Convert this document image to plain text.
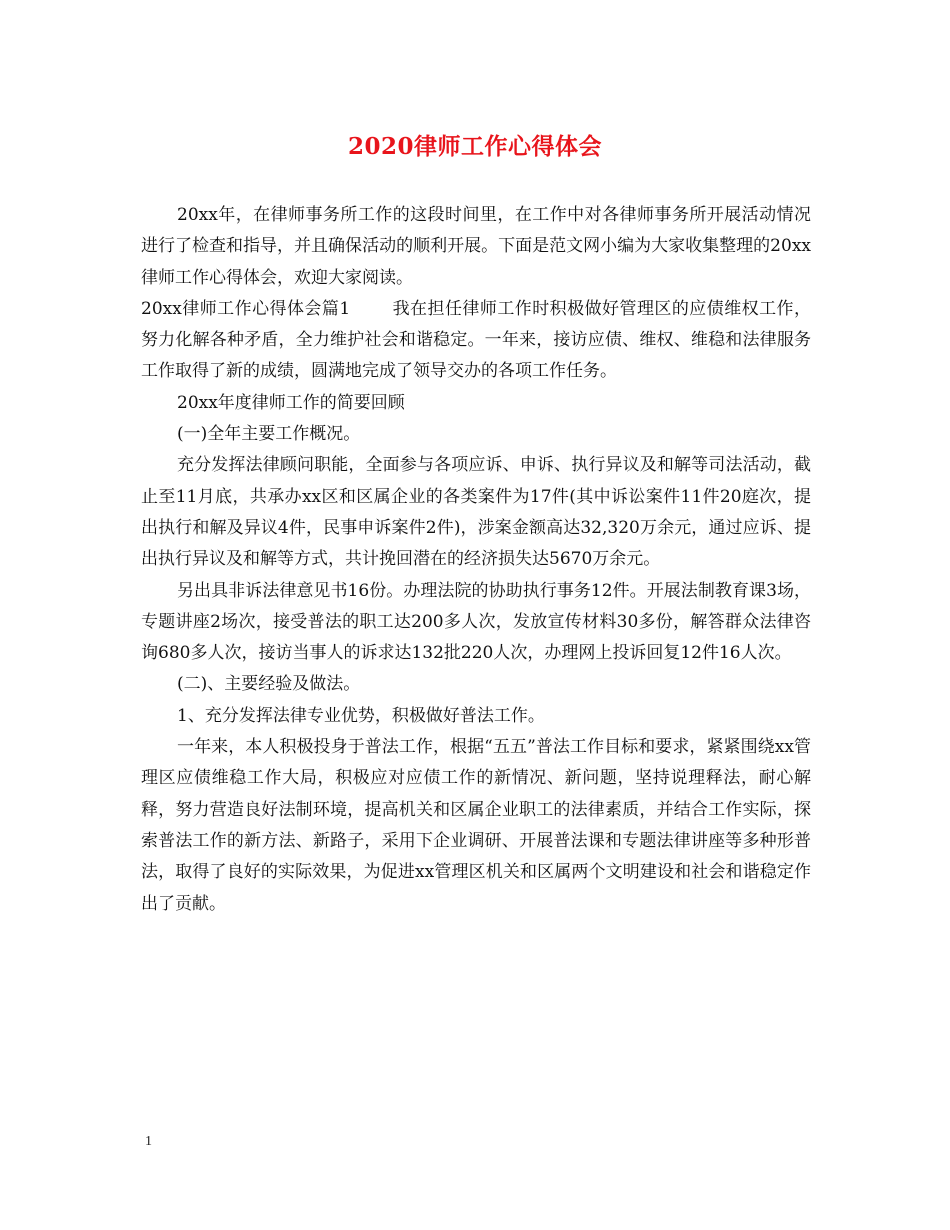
2020律师工作心得体会

20xx年，在律师事务所工作的这段时间里，在工作中对各律师事务所开展活动情况进行了检查和指导，并且确保活动的顺利开展。下面是范文网小编为大家收集整理的20xx律师工作心得体会，欢迎大家阅读。

20xx律师工作心得体会篇1 我在担任律师工作时积极做好管理区的应债维权工作，努力化解各种矛盾，全力维护社会和谐稳定。一年来，接访应债、维权、维稳和法律服务工作取得了新的成绩，圆满地完成了领导交办的各项工作任务。

20xx年度律师工作的简要回顾

(一)全年主要工作概况。

充分发挥法律顾问职能，全面参与各项应诉、申诉、执行异议及和解等司法活动，截止至11月底，共承办xx区和区属企业的各类案件为17件(其中诉讼案件11件20庭次，提出执行和解及异议4件，民事申诉案件2件)，涉案金额高达32,320万余元，通过应诉、提出执行异议及和解等方式，共计挽回潜在的经济损失达5670万余元。

另出具非诉法律意见书16份。办理法院的协助执行事务12件。开展法制教育课3场，专题讲座2场次，接受普法的职工达200多人次，发放宣传材料30多份，解答群众法律咨询680多人次，接访当事人的诉求达132批220人次，办理网上投诉回复12件16人次。

(二)、主要经验及做法。

1、充分发挥法律专业优势，积极做好普法工作。

一年来，本人积极投身于普法工作，根据“五五”普法工作目标和要求，紧紧围绕xx管理区应债维稳工作大局，积极应对应债工作的新情况、新问题，坚持说理释法，耐心解释，努力营造良好法制环境，提高机关和区属企业职工的法律素质，并结合工作实际，探索普法工作的新方法、新路子，采用下企业调研、开展普法课和专题法律讲座等多种形普法，取得了良好的实际效果，为促进xx管理区机关和区属两个文明建设和社会和谐稳定作出了贡献。

1
